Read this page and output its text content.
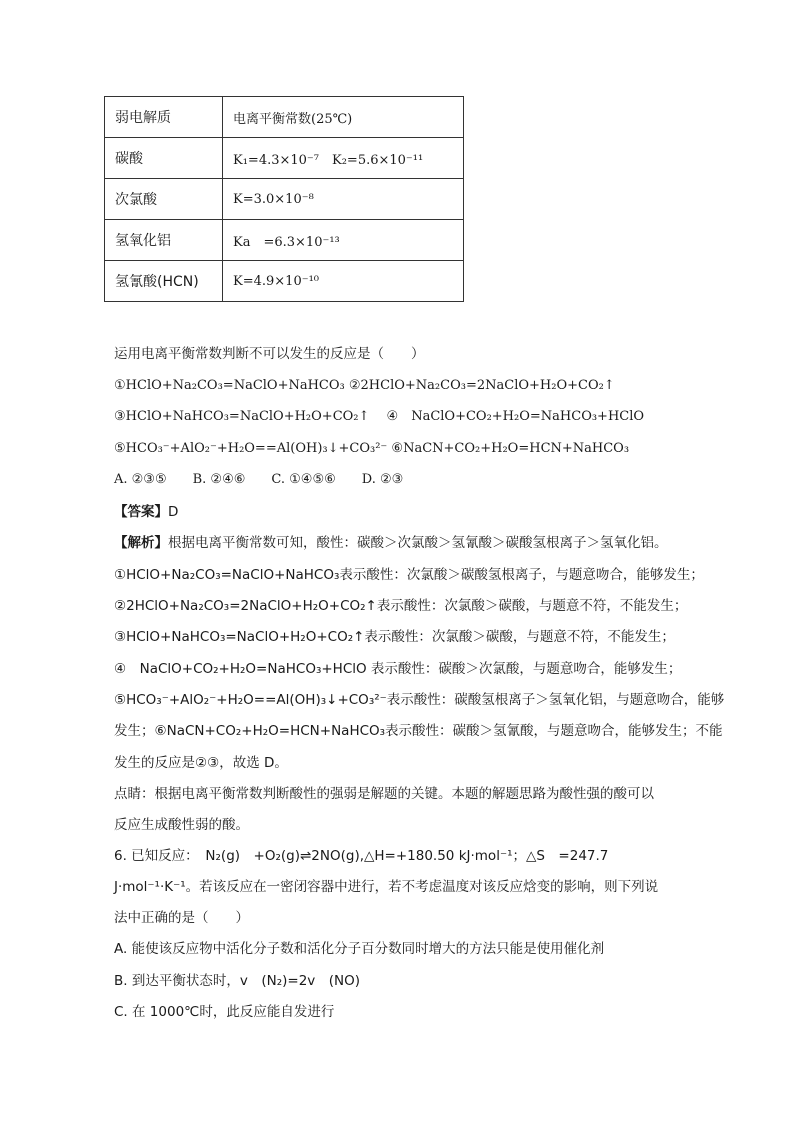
弱电解质	电离平衡常数(25℃)
碳酸	K₁=4.3×10⁻⁷　K₂=5.6×10⁻¹¹
次氯酸	K=3.0×10⁻⁸
氢氧化铝	Ka　=6.3×10⁻¹³
氢氰酸(HCN)	K=4.9×10⁻¹⁰
运用电离平衡常数判断不可以发生的反应是（　　）
①HClO+Na₂CO₃=NaClO+NaHCO₃ ②2HClO+Na₂CO₃=2NaClO+H₂O+CO₂↑
③HClO+NaHCO₃=NaClO+H₂O+CO₂↑　 ④　NaClO+CO₂+H₂O=NaHCO₃+HClO
⑤HCO₃⁻+AlO₂⁻+H₂O==Al(OH)₃↓+CO₃²⁻ ⑥NaCN+CO₂+H₂O=HCN+NaHCO₃
A. ②③⑤　　B. ②④⑥　　C. ①④⑤⑥　　D. ②③
【答案】D
【解析】根据电离平衡常数可知，酸性：碳酸＞次氯酸＞氢氰酸＞碳酸氢根离子＞氢氧化铝。
①HClO+Na₂CO₃=NaClO+NaHCO₃表示酸性：次氯酸＞碳酸氢根离子，与题意吻合，能够发生；
②2HClO+Na₂CO₃=2NaClO+H₂O+CO₂↑表示酸性：次氯酸＞碳酸，与题意不符，不能发生；
③HClO+NaHCO₃=NaClO+H₂O+CO₂↑表示酸性：次氯酸＞碳酸，与题意不符，不能发生；
④　NaClO+CO₂+H₂O=NaHCO₃+HClO 表示酸性：碳酸＞次氯酸，与题意吻合，能够发生；
⑤HCO₃⁻+AlO₂⁻+H₂O==Al(OH)₃↓+CO₃²⁻表示酸性：碳酸氢根离子＞氢氧化铝，与题意吻合，能够
发生；⑥NaCN+CO₂+H₂O=HCN+NaHCO₃表示酸性：碳酸＞氢氰酸，与题意吻合，能够发生；不能
发生的反应是②③，故选 D。
点睛：根据电离平衡常数判断酸性的强弱是解题的关键。本题的解题思路为酸性强的酸可以
反应生成酸性弱的酸。
6. 已知反应：　N₂(g)　+O₂(g)⇌2NO(g),△H=+180.50 kJ·mol⁻¹；△S　=247.7
J·mol⁻¹·K⁻¹。若该反应在一密闭容器中进行，若不考虑温度对该反应焓变的影响，则下列说
法中正确的是（　　）
A. 能使该反应物中活化分子数和活化分子百分数同时增大的方法只能是使用催化剂
B. 到达平衡状态时，v　(N₂)=2v　(NO)
C. 在 1000℃时，此反应能自发进行
